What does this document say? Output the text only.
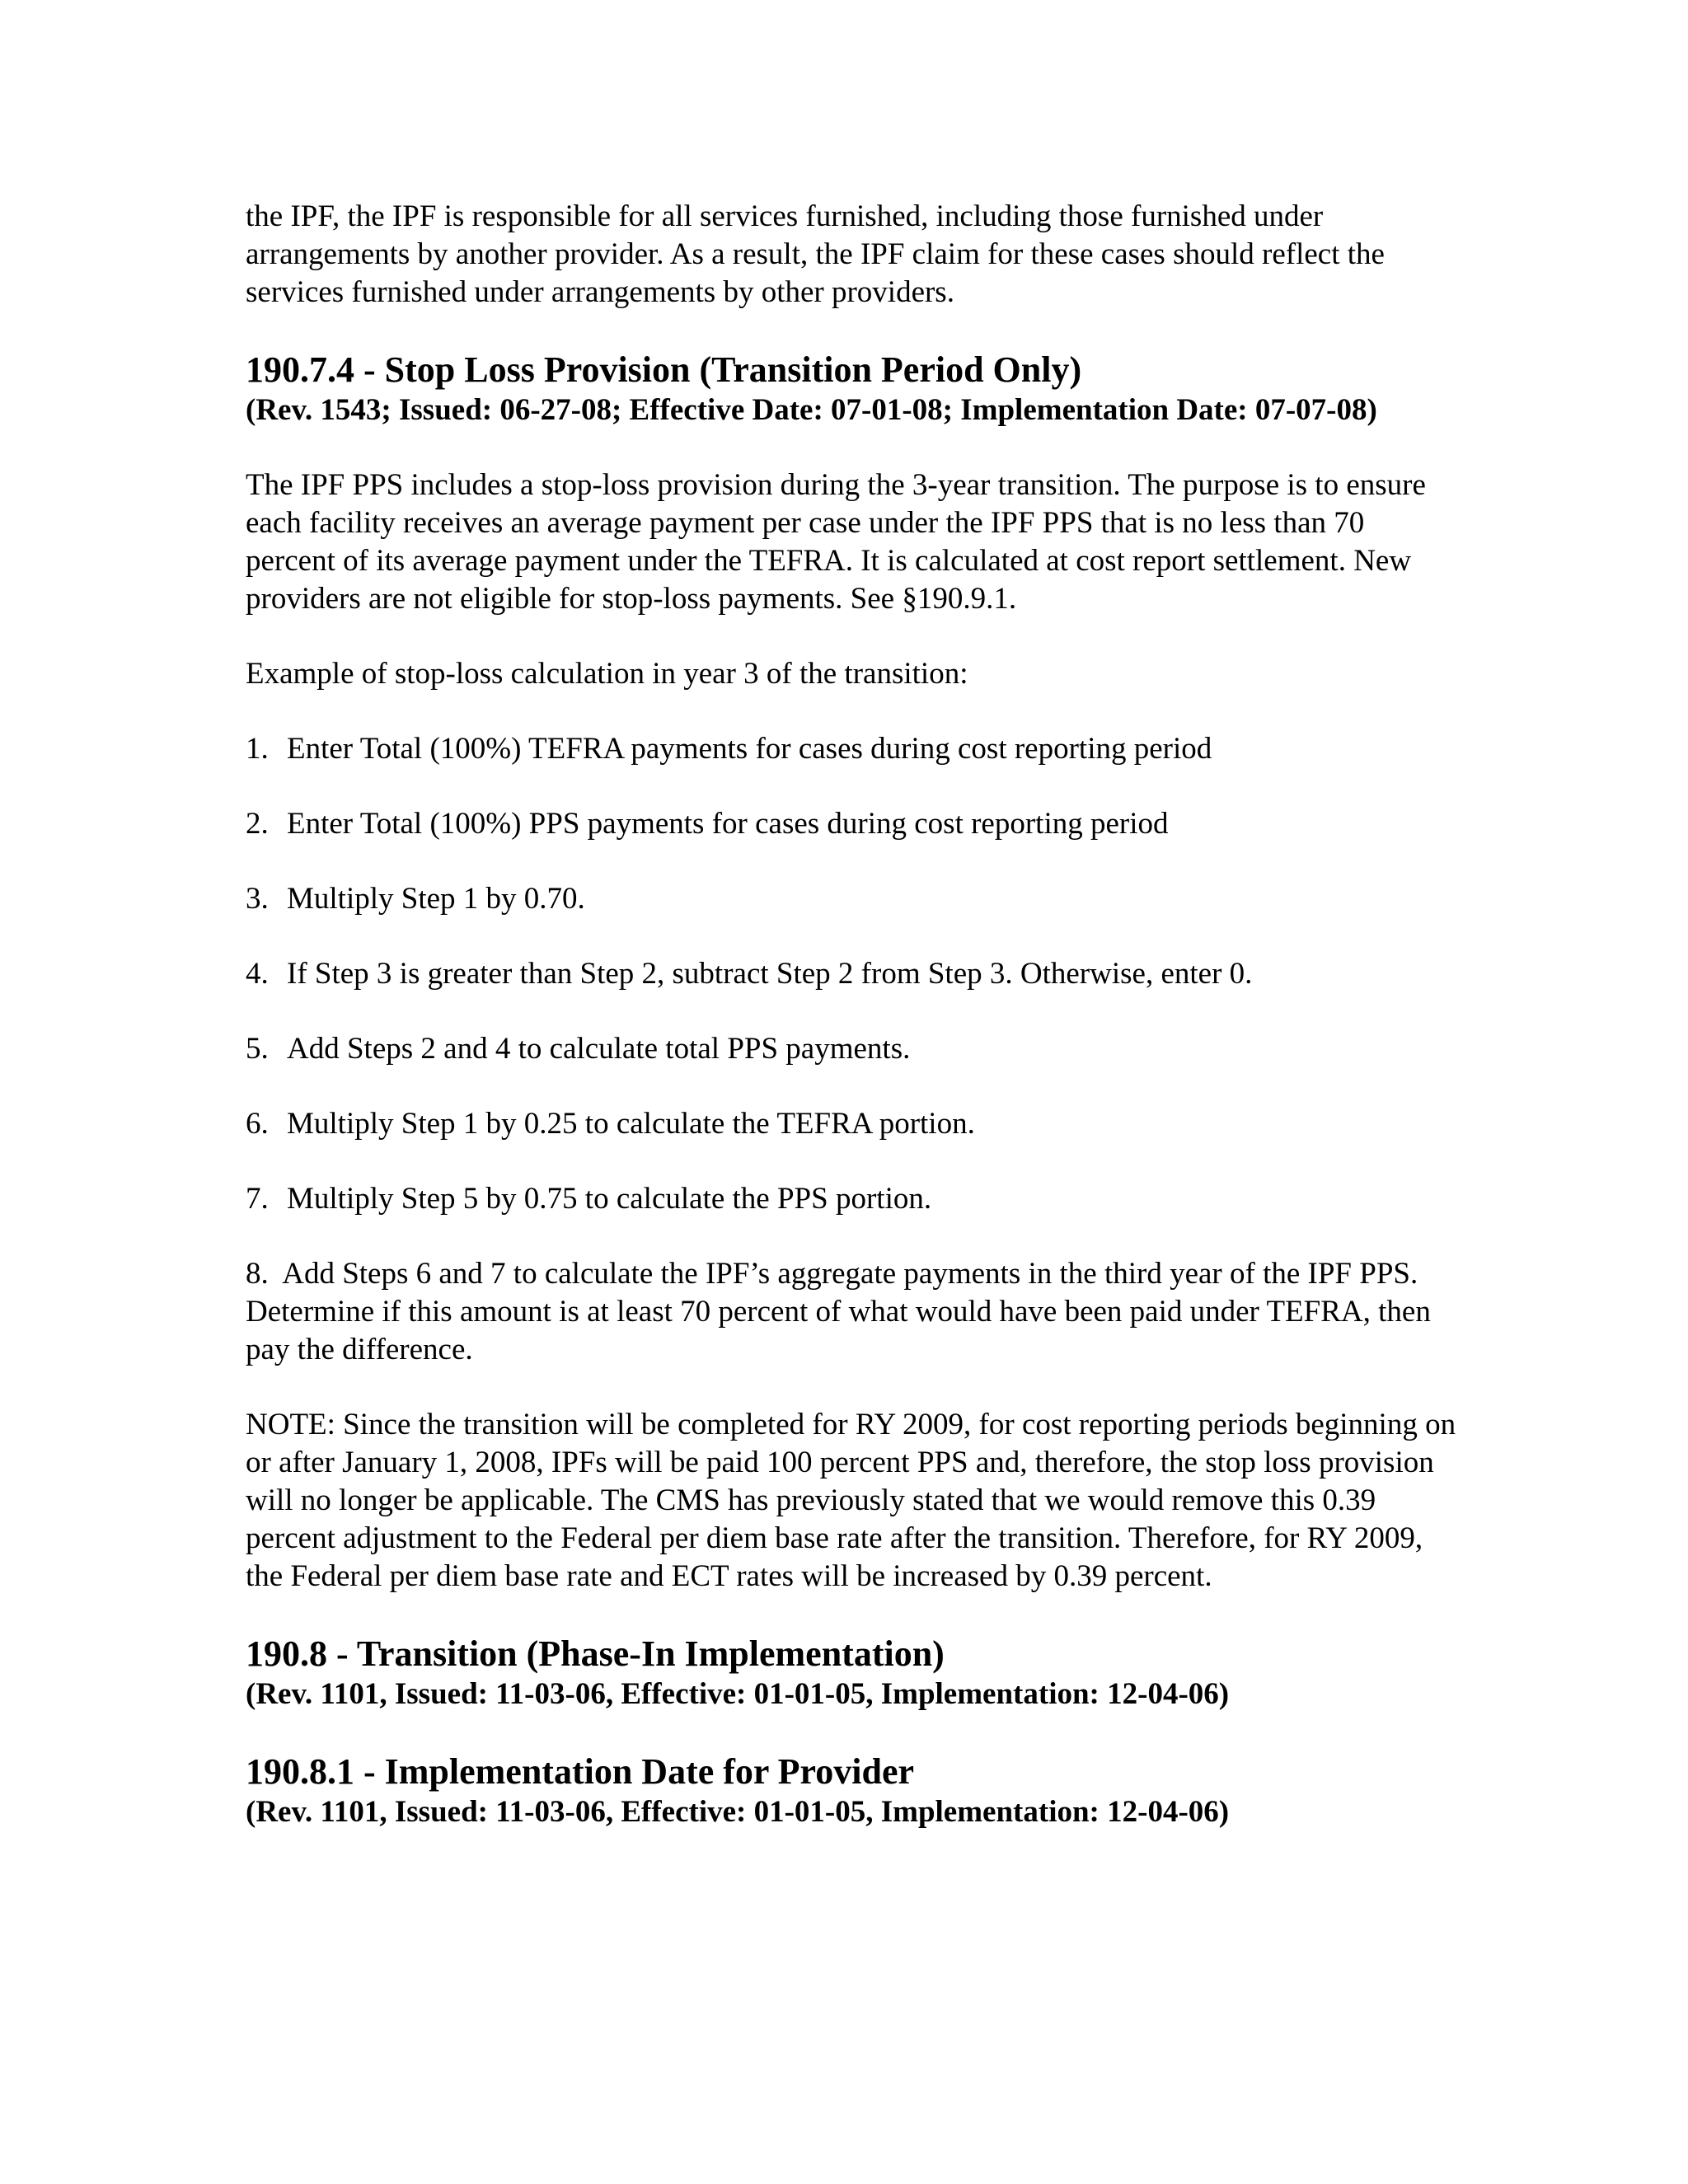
the IPF, the IPF is responsible for all services furnished, including those furnished under arrangements by another provider. As a result, the IPF claim for these cases should reflect the services furnished under arrangements by other providers.

190.7.4 - Stop Loss Provision (Transition Period Only)

(Rev. 1543; Issued: 06-27-08; Effective Date: 07-01-08; Implementation Date: 07-07-08)

The IPF PPS includes a stop-loss provision during the 3-year transition. The purpose is to ensure each facility receives an average payment per case under the IPF PPS that is no less than 70 percent of its average payment under the TEFRA. It is calculated at cost report settlement. New providers are not eligible for stop-loss payments. See §190.9.1.

Example of stop-loss calculation in year 3 of the transition:

1. Enter Total (100%) TEFRA payments for cases during cost reporting period

2. Enter Total (100%) PPS payments for cases during cost reporting period

3. Multiply Step 1 by 0.70.

4. If Step 3 is greater than Step 2, subtract Step 2 from Step 3. Otherwise, enter 0.

5. Add Steps 2 and 4 to calculate total PPS payments.

6. Multiply Step 1 by 0.25 to calculate the TEFRA portion.

7. Multiply Step 5 by 0.75 to calculate the PPS portion.

8. Add Steps 6 and 7 to calculate the IPF’s aggregate payments in the third year of the IPF PPS. Determine if this amount is at least 70 percent of what would have been paid under TEFRA, then pay the difference.

NOTE: Since the transition will be completed for RY 2009, for cost reporting periods beginning on or after January 1, 2008, IPFs will be paid 100 percent PPS and, therefore, the stop loss provision will no longer be applicable. The CMS has previously stated that we would remove this 0.39 percent adjustment to the Federal per diem base rate after the transition. Therefore, for RY 2009, the Federal per diem base rate and ECT rates will be increased by 0.39 percent.

190.8 - Transition (Phase-In Implementation)

(Rev. 1101, Issued: 11-03-06, Effective: 01-01-05, Implementation: 12-04-06)

190.8.1 - Implementation Date for Provider

(Rev. 1101, Issued: 11-03-06, Effective: 01-01-05, Implementation: 12-04-06)
